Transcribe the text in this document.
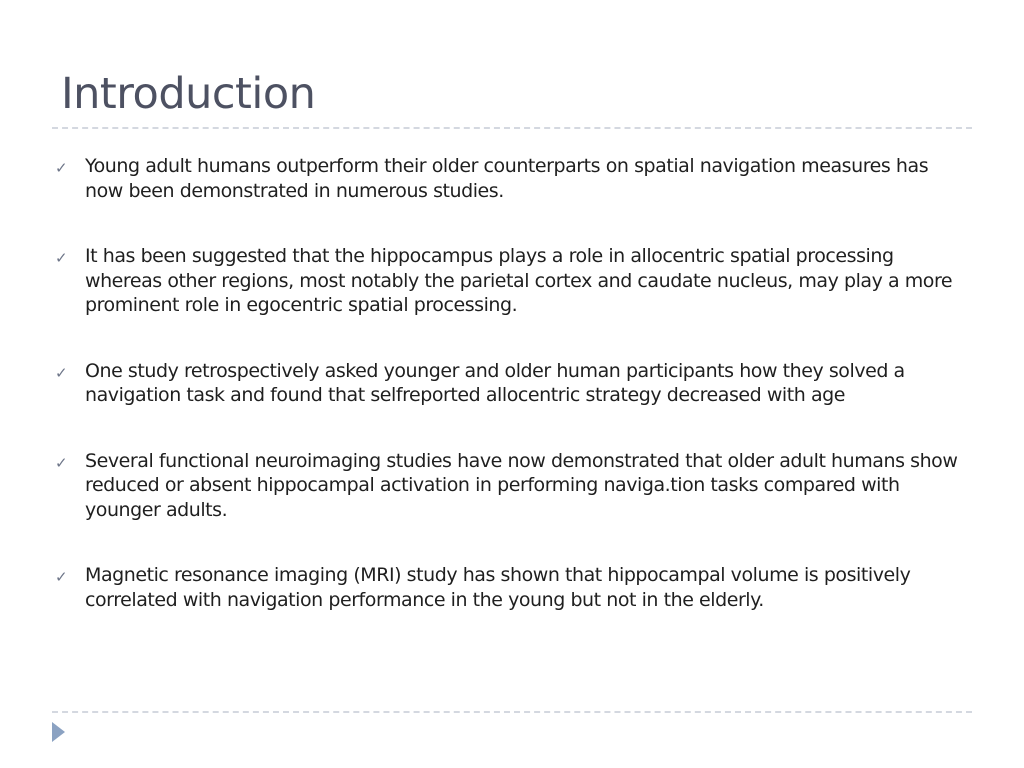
Introduction
✓ Young adult humans outperform their older counterparts on spatial navigation measures has now been demonstrated in numerous studies.
✓ It has been suggested that the hippocampus plays a role in allocentric spatial processing whereas other regions, most notably the parietal cortex and caudate nucleus, may play a more prominent role in egocentric spatial processing.
✓ One study retrospectively asked younger and older human participants how they solved a navigation task and found that selfreported allocentric strategy decreased with age
✓ Several functional neuroimaging studies have now demonstrated that older adult humans show reduced or absent hippocampal activation in performing naviga.tion tasks compared with younger adults.
✓ Magnetic resonance imaging (MRI) study has shown that hippocampal volume is positively correlated with navigation performance in the young but not in the elderly.
